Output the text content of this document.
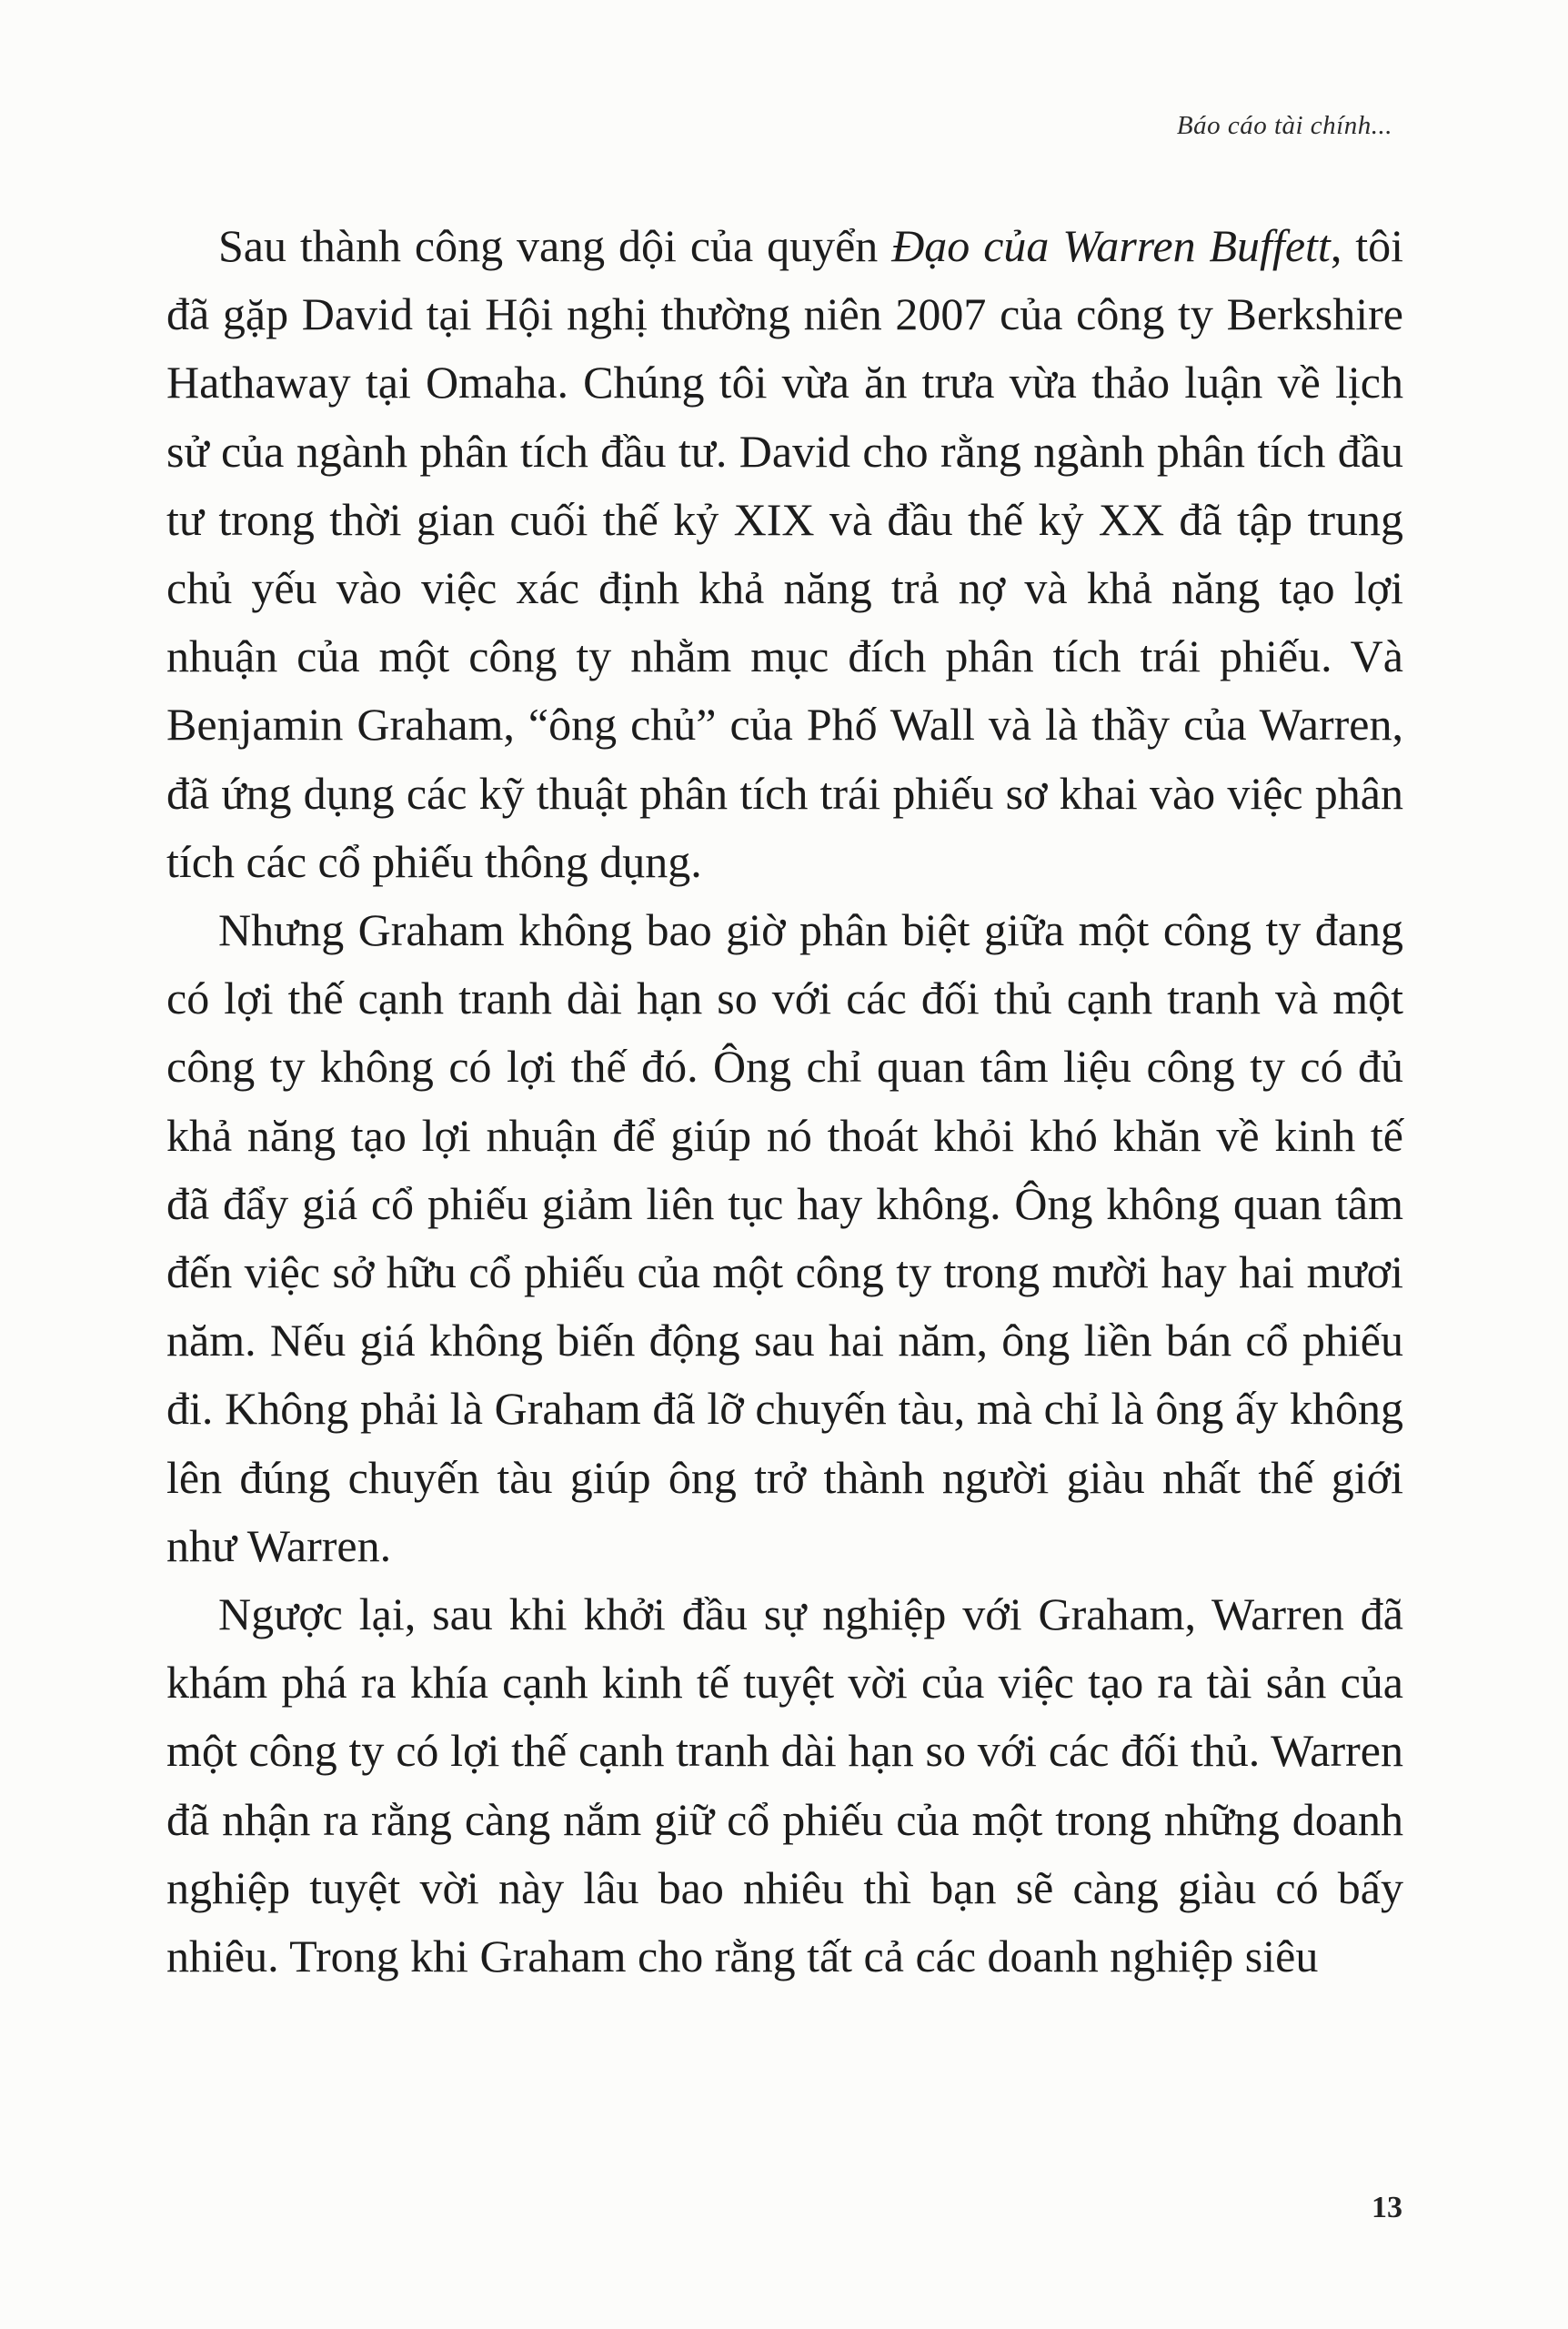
Báo cáo tài chính...

Sau thành công vang dội của quyển Đạo của Warren Buffett, tôi đã gặp David tại Hội nghị thường niên 2007 của công ty Berkshire Hathaway tại Omaha. Chúng tôi vừa ăn trưa vừa thảo luận về lịch sử của ngành phân tích đầu tư. David cho rằng ngành phân tích đầu tư trong thời gian cuối thế kỷ XIX và đầu thế kỷ XX đã tập trung chủ yếu vào việc xác định khả năng trả nợ và khả năng tạo lợi nhuận của một công ty nhằm mục đích phân tích trái phiếu. Và Benjamin Graham, “ông chủ” của Phố Wall và là thầy của Warren, đã ứng dụng các kỹ thuật phân tích trái phiếu sơ khai vào việc phân tích các cổ phiếu thông dụng.

Nhưng Graham không bao giờ phân biệt giữa một công ty đang có lợi thế cạnh tranh dài hạn so với các đối thủ cạnh tranh và một công ty không có lợi thế đó. Ông chỉ quan tâm liệu công ty có đủ khả năng tạo lợi nhuận để giúp nó thoát khỏi khó khăn về kinh tế đã đẩy giá cổ phiếu giảm liên tục hay không. Ông không quan tâm đến việc sở hữu cổ phiếu của một công ty trong mười hay hai mươi năm. Nếu giá không biến động sau hai năm, ông liền bán cổ phiếu đi. Không phải là Graham đã lỡ chuyến tàu, mà chỉ là ông ấy không lên đúng chuyến tàu giúp ông trở thành người giàu nhất thế giới như Warren.

Ngược lại, sau khi khởi đầu sự nghiệp với Graham, Warren đã khám phá ra khía cạnh kinh tế tuyệt vời của việc tạo ra tài sản của một công ty có lợi thế cạnh tranh dài hạn so với các đối thủ. Warren đã nhận ra rằng càng nắm giữ cổ phiếu của một trong những doanh nghiệp tuyệt vời này lâu bao nhiêu thì bạn sẽ càng giàu có bấy nhiêu. Trong khi Graham cho rằng tất cả các doanh nghiệp siêu

13
